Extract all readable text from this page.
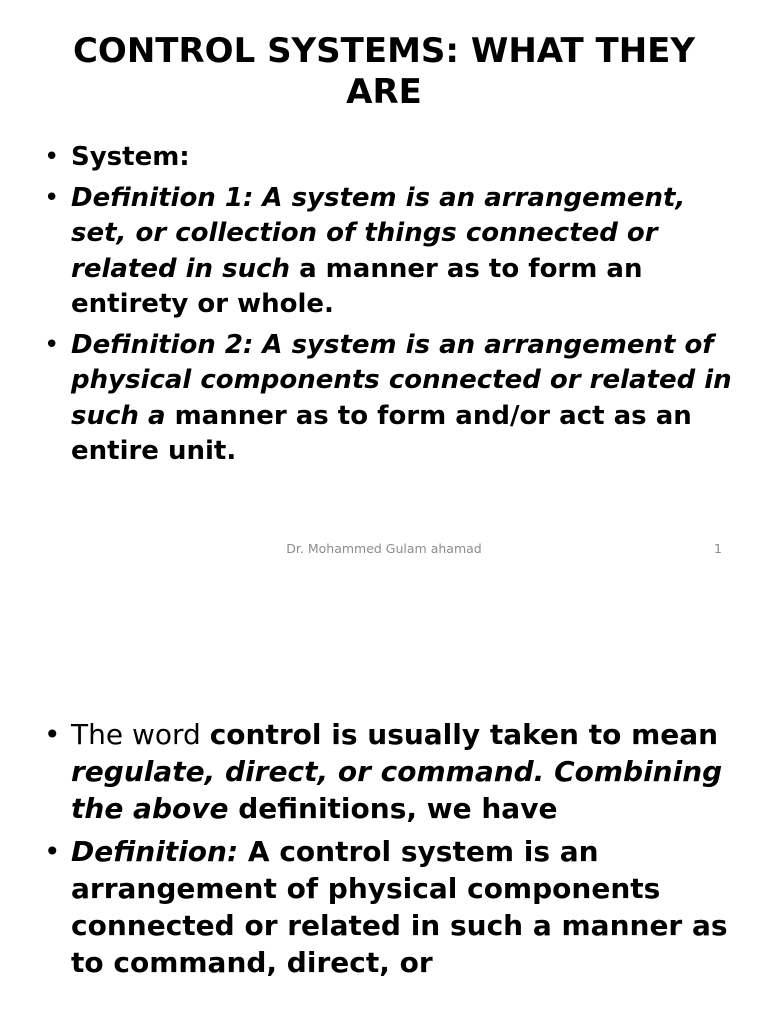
CONTROL SYSTEMS: WHAT THEY ARE
• System:
• Definition 1: A system is an arrangement, set, or collection of things connected or related in such a manner as to form an entirety or whole.
• Definition 2: A system is an arrangement of physical components connected or related in such a manner as to form and/or act as an entire unit.
Dr. Mohammed Gulam ahamad	1
• The word control is usually taken to mean regulate, direct, or command. Combining the above definitions, we have
• Definition: A control system is an arrangement of physical components connected or related in such a manner as to command, direct, or
